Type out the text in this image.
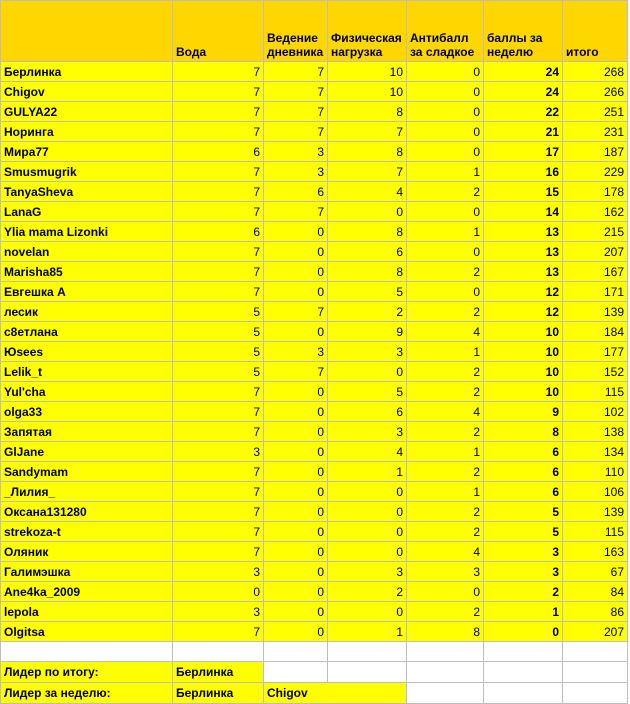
	Вода	Ведение дневника	Физическая нагрузка	Антибалл за сладкое	баллы за неделю	итого
Берлинка	7	7	10	0	24	268
Chigov	7	7	10	0	24	266
GULYA22	7	7	8	0	22	251
Норинга	7	7	7	0	21	231
Мира77	6	3	8	0	17	187
Smusmugrik	7	3	7	1	16	229
TanyaSheva	7	6	4	2	15	178
LanaG	7	7	0	0	14	162
Ylia mama Lizonki	6	0	8	1	13	215
novelan	7	0	6	0	13	207
Marisha85	7	0	8	2	13	167
Евгешка А	7	0	5	0	12	171
лесик	5	7	2	2	12	139
с8етлана	5	0	9	4	10	184
Юsees	5	3	3	1	10	177
Lelik_t	5	7	0	2	10	152
Yul'cha	7	0	5	2	10	115
olga33	7	0	6	4	9	102
Запятая	7	0	3	2	8	138
GlJane	3	0	4	1	6	134
Sandymam	7	0	1	2	6	110
_Лилия_	7	0	0	1	6	106
Оксана131280	7	0	0	2	5	139
strekoza-t	7	0	0	2	5	115
Оляник	7	0	0	4	3	163
Галимэшка	3	0	3	3	3	67
Ane4ka_2009	0	0	2	0	2	84
lepola	3	0	0	2	1	86
Olgitsa	7	0	1	8	0	207

Лидер по итогу:	Берлинка					
Лидер за неделю:	Берлинка	Chigov				
